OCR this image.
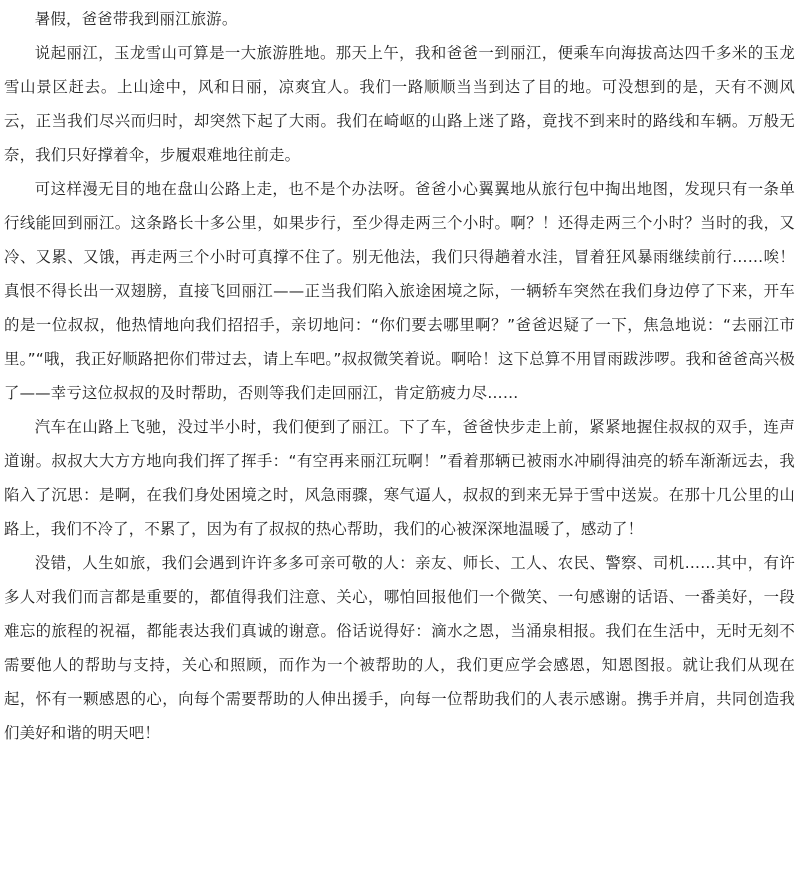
暑假，爸爸带我到丽江旅游。

说起丽江，玉龙雪山可算是一大旅游胜地。那天上午，我和爸爸一到丽江，便乘车向海拔高达四千多米的玉龙雪山景区赶去。上山途中，风和日丽，凉爽宜人。我们一路顺顺当当到达了目的地。可没想到的是，天有不测风云，正当我们尽兴而归时，却突然下起了大雨。我们在崎岖的山路上迷了路，竟找不到来时的路线和车辆。万般无奈，我们只好撑着伞，步履艰难地往前走。

可这样漫无目的地在盘山公路上走，也不是个办法呀。爸爸小心翼翼地从旅行包中掏出地图，发现只有一条单行线能回到丽江。这条路长十多公里，如果步行，至少得走两三个小时。啊？！还得走两三个小时？当时的我，又冷、又累、又饿，再走两三个小时可真撑不住了。别无他法，我们只得趟着水洼，冒着狂风暴雨继续前行……唉！真恨不得长出一双翅膀，直接飞回丽江——正当我们陷入旅途困境之际，一辆轿车突然在我们身边停了下来，开车的是一位叔叔，他热情地向我们招招手，亲切地问：“你们要去哪里啊？”爸爸迟疑了一下，焦急地说：“去丽江市里。”“哦，我正好顺路把你们带过去，请上车吧。”叔叔微笑着说。啊哈！这下总算不用冒雨跋涉啰。我和爸爸高兴极了——幸亏这位叔叔的及时帮助，否则等我们走回丽江，肯定筋疲力尽……

汽车在山路上飞驰，没过半小时，我们便到了丽江。下了车，爸爸快步走上前，紧紧地握住叔叔的双手，连声道谢。叔叔大大方方地向我们挥了挥手：“有空再来丽江玩啊！”看着那辆已被雨水冲刷得油亮的轿车渐渐远去，我陷入了沉思：是啊，在我们身处困境之时，风急雨骤，寒气逼人，叔叔的到来无异于雪中送炭。在那十几公里的山路上，我们不冷了，不累了，因为有了叔叔的热心帮助，我们的心被深深地温暖了，感动了！

没错，人生如旅，我们会遇到许许多多可亲可敬的人：亲友、师长、工人、农民、警察、司机……其中，有许多人对我们而言都是重要的，都值得我们注意、关心，哪怕回报他们一个微笑、一句感谢的话语、一番美好，一段难忘的旅程的祝福，都能表达我们真诚的谢意。俗话说得好：滴水之恩，当涌泉相报。我们在生活中，无时无刻不需要他人的帮助与支持，关心和照顾，而作为一个被帮助的人，我们更应学会感恩，知恩图报。就让我们从现在起，怀有一颗感恩的心，向每个需要帮助的人伸出援手，向每一位帮助我们的人表示感谢。携手并肩，共同创造我们美好和谐的明天吧！
